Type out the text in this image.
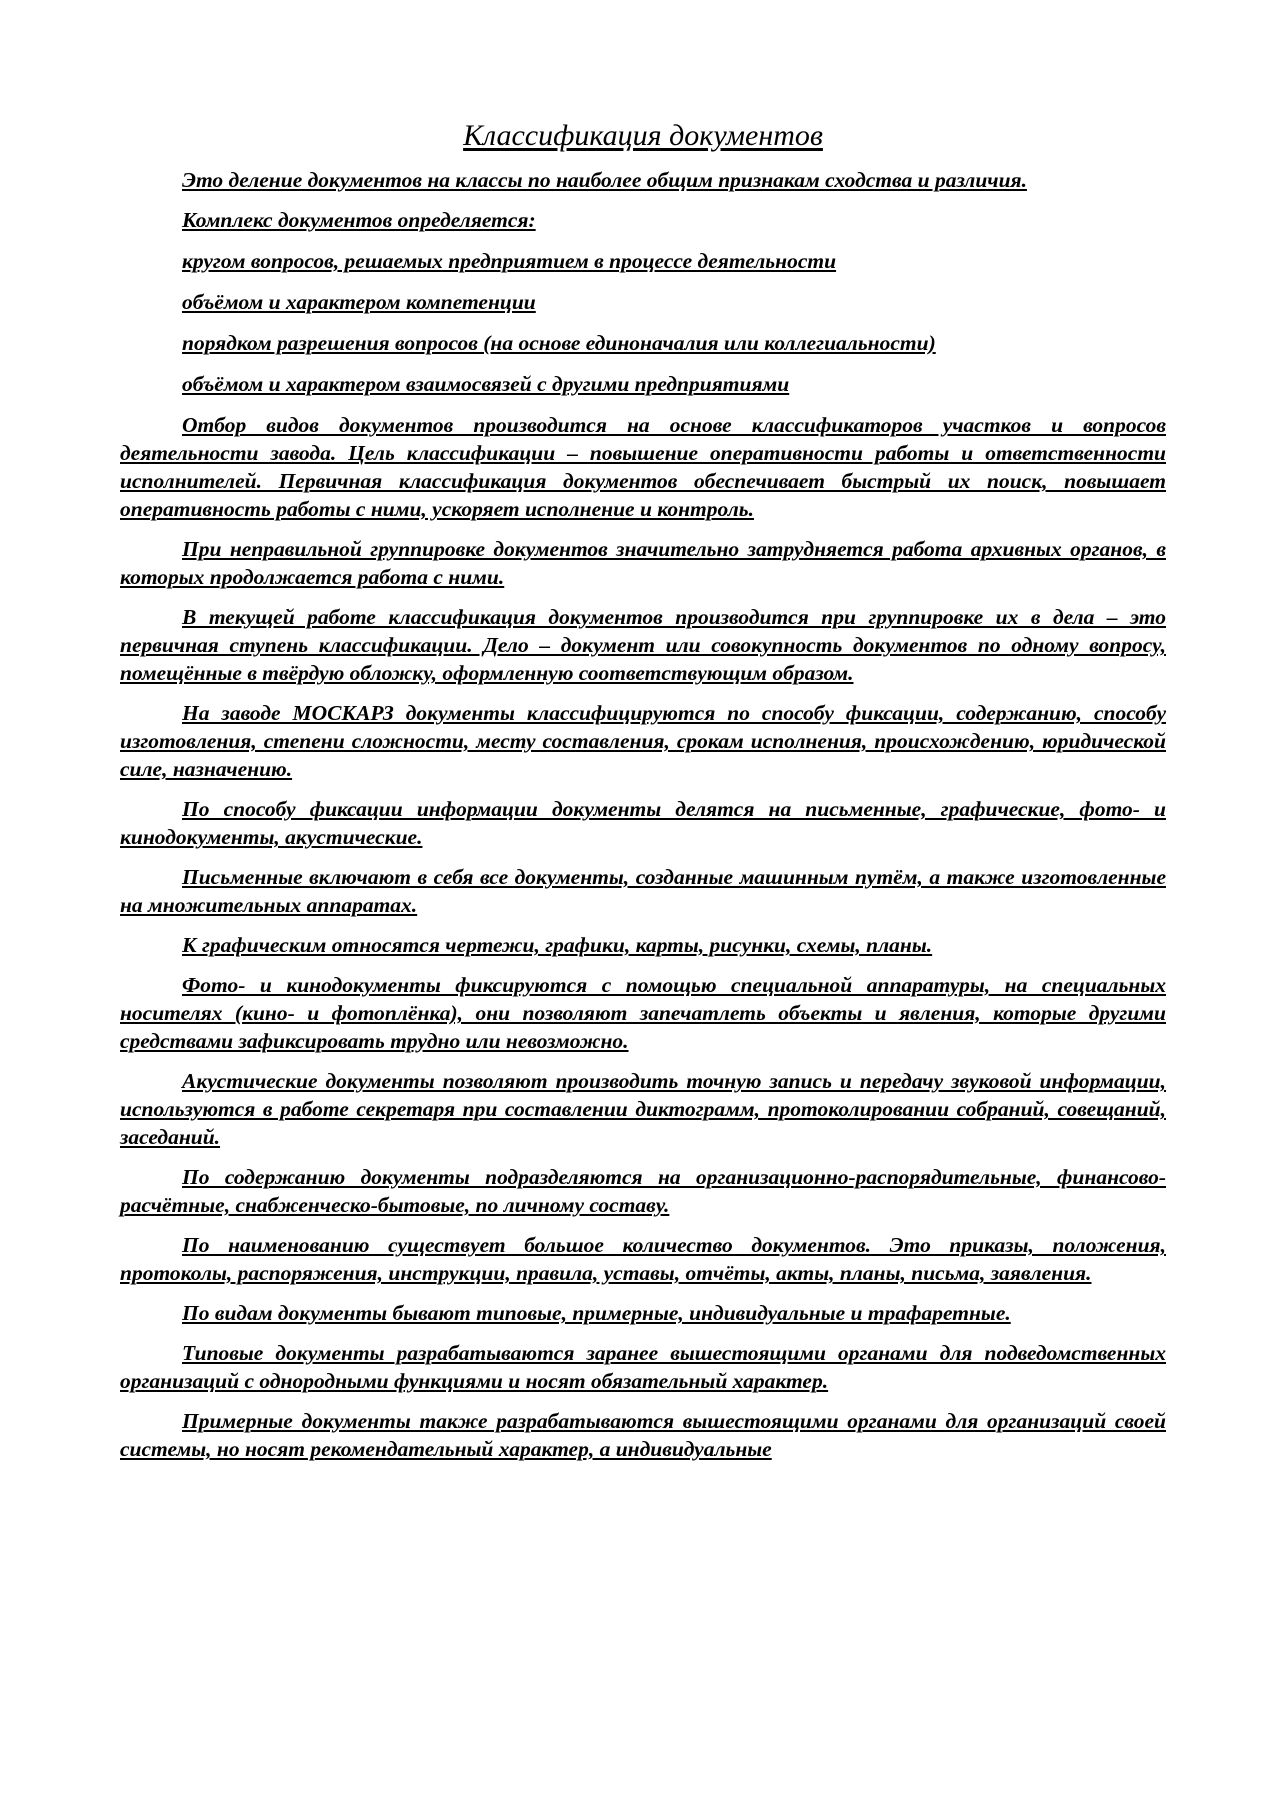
Классификация документов

Это деление документов на классы по наиболее общим признакам сходства и различия.

Комплекс документов определяется:

кругом вопросов, решаемых предприятием в процессе деятельности

объёмом и характером компетенции

порядком разрешения вопросов (на основе единоначалия или коллегиальности)

объёмом и характером взаимосвязей с другими предприятиями

Отбор видов документов производится на основе классификаторов участков и вопросов деятельности завода. Цель классификации – повышение оперативности работы и ответственности исполнителей. Первичная классификация документов обеспечивает быстрый их поиск, повышает оперативность работы с ними, ускоряет исполнение и контроль.

При неправильной группировке документов значительно затрудняется работа архивных органов, в которых продолжается работа с ними.

В текущей работе классификация документов производится при группировке их в дела – это первичная ступень классификации. Дело – документ или совокупность документов по одному вопросу, помещённые в твёрдую обложку, оформленную соответствующим образом.

На заводе МОСКАРЗ документы классифицируются по способу фиксации, содержанию, способу изготовления, степени сложности, месту составления, срокам исполнения, происхождению, юридической силе, назначению.

По способу фиксации информации документы делятся на письменные, графические, фото- и кинодокументы, акустические.

Письменные включают в себя все документы, созданные машинным путём, а также изготовленные на множительных аппаратах.

К графическим относятся чертежи, графики, карты, рисунки, схемы, планы.

Фото- и кинодокументы фиксируются с помощью специальной аппаратуры, на специальных носителях (кино- и фотоплёнка), они позволяют запечатлеть объекты и явления, которые другими средствами зафиксировать трудно или невозможно.

Акустические документы позволяют производить точную запись и передачу звуковой информации, используются в работе секретаря при составлении диктограмм, протоколировании собраний, совещаний, заседаний.

По содержанию документы подразделяются на организационно-распорядительные, финансово-расчётные, снабженческо-бытовые, по личному составу.

По наименованию существует большое количество документов. Это приказы, положения, протоколы, распоряжения, инструкции, правила, уставы, отчёты, акты, планы, письма, заявления.

По видам документы бывают типовые, примерные, индивидуальные и трафаретные.

Типовые документы разрабатываются заранее вышестоящими органами для подведомственных организаций с однородными функциями и носят обязательный характер.

Примерные документы также разрабатываются вышестоящими органами для организаций своей системы, но носят рекомендательный характер, а индивидуальные
